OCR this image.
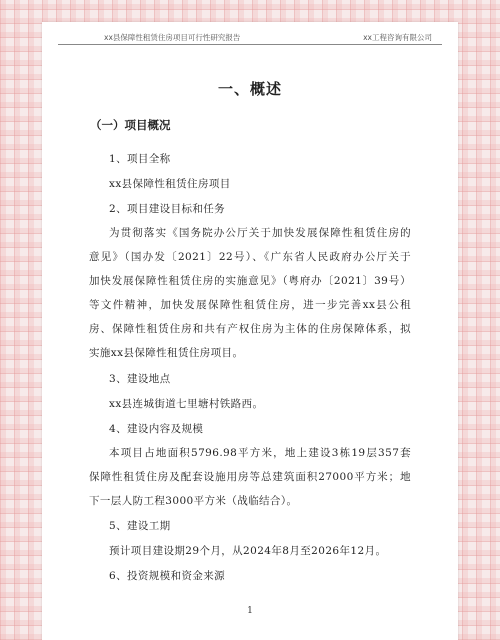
xx县保障性租赁住房项目可行性研究报告	xx工程咨询有限公司
一、概述
（一）项目概况
1、项目全称
xx县保障性租赁住房项目
2、项目建设目标和任务
为贯彻落实《国务院办公厅关于加快发展保障性租赁住房的
意见》（国办发〔2021〕22号）、《广东省人民政府办公厅关于
加快发展保障性租赁住房的实施意见》（粤府办〔2021〕39号）
等文件精神，加快发展保障性租赁住房，进一步完善xx县公租
房、保障性租赁住房和共有产权住房为主体的住房保障体系，拟
实施xx县保障性租赁住房项目。
3、建设地点
xx县连城街道七里塘村铁路西。
4、建设内容及规模
本项目占地面积5796.98平方米，地上建设3栋19层357套
保障性租赁住房及配套设施用房等总建筑面积27000平方米；地
下一层人防工程3000平方米（战临结合）。
5、建设工期
预计项目建设期29个月，从2024年8月至2026年12月。
6、投资规模和资金来源
1
